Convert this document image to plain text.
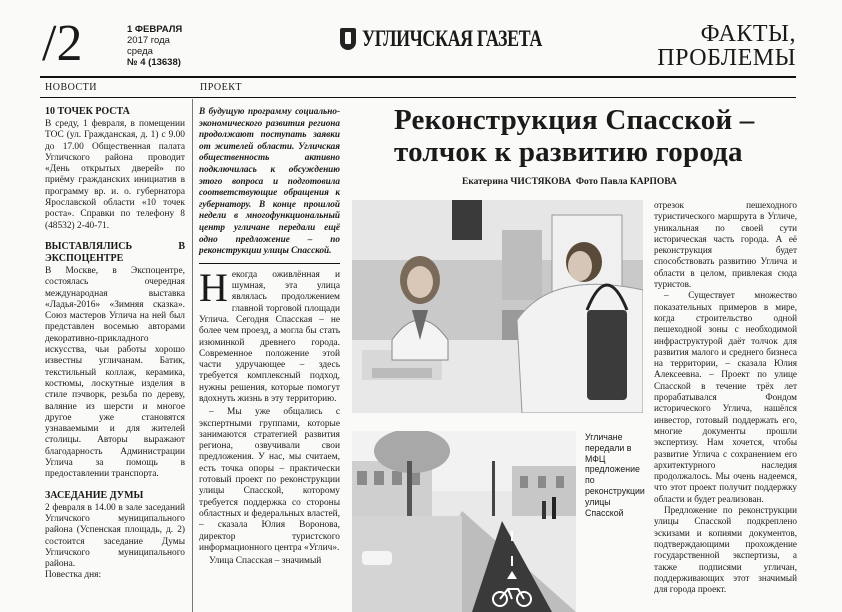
/2	1 ФЕВРАЛЯ
2017 года
среда
№ 4 (13638)
УГЛИЧСКАЯ ГАЗЕТА	ФАКТЫ,
ПРОБЛЕМЫ
НОВОСТИ	ПРОЕКТ
10 ТОЧЕК РОСТА

В среду, 1 февраля, в помещении ТОС (ул. Гражданская, д. 1) с 9.00 до 17.00 Общественная палата Угличского района проводит «День открытых дверей» по приёму гражданских инициатив в программу вр. и. о. губернатора Ярославской области «10 точек роста». Справки по телефону 8 (48532) 2-40-71.

ВЫСТАВЛЯЛИСЬ В ЭКСПОЦЕНТРЕ

В Москве, в Экспоцентре, состоялась очередная международная выставка «Ладья-2016» «Зимняя сказка». Союз мастеров Углича на ней был представлен восемью авторами декоративно-прикладного искусства, чьи работы хорошо известны угличанам. Батик, текстильный коллаж, керамика, костюмы, лоскутные изделия в стиле пэчворк, резьба по дереву, валяние из шерсти и многое другое уже становятся узнаваемыми и для жителей столицы. Авторы выражают благодарность Администрации Углича за помощь в предоставлении транспорта.

ЗАСЕДАНИЕ ДУМЫ

2 февраля в 14.00 в зале заседаний Угличского муниципального района (Успенская площадь, д. 2) состоится заседание Думы Угличского муниципального района.

Повестка дня:

В будущую программу социально-экономического развития региона продолжают поступать заявки от жителей области. Угличская общественность активно подключилась к обсуждению этого вопроса и подготовила соответствующие обращения к губернатору. В конце прошлой недели в многофункциональный центр угличане передали ещё одно предложение – по реконструкции улицы Спасской.

Некогда оживлённая и шумная, эта улица являлась продолжением главной торговой площади Углича. Сегодня Спасская – не более чем проезд, а могла бы стать изюминкой древнего города. Современное положение этой части удручающее – здесь требуется комплексный подход, нужны решения, которые помогут вдохнуть жизнь в эту территорию.

– Мы уже общались с экспертными группами, которые занимаются стратегией развития региона, озвучивали свои предложения. У нас, мы считаем, есть точка опоры – практически готовый проект по реконструкции улицы Спасской, которому требуется поддержка со стороны областных и федеральных властей, – сказала Юлия Воронова, директор туристского информационного центра «Углич».

Улица Спасская – значимый

Реконструкция Спасской – толчок к развитию города
Екатерина ЧИСТЯКОВА Фото Павла КАРПОВА
Угличане передали в МФЦ предложение по реконструкции улицы Спасской

отрезок пешеходного туристического маршрута в Угличе, уникальная по своей сути историческая часть города. А её реконструкция будет способствовать развитию Углича и области в целом, привлекая сюда туристов.

– Существует множество показательных примеров в мире, когда строительство одной пешеходной зоны с необходимой инфраструктурой даёт толчок для развития малого и среднего бизнеса на территории, – сказала Юлия Алексеевна. – Проект по улице Спасской в течение трёх лет прорабатывался Фондом исторического Углича, нашёлся инвестор, готовый поддержать его, многие документы прошли экспертизу. Нам хочется, чтобы развитие Углича с сохранением его архитектурного наследия продолжалось. Мы очень надеемся, что этот проект получит поддержку области и будет реализован.

Предложение по реконструкции улицы Спасской подкреплено эскизами и копиями документов, подтверждающими прохождение государственной экспертизы, а также подписями угличан, поддерживающих этот значимый для города проект.
